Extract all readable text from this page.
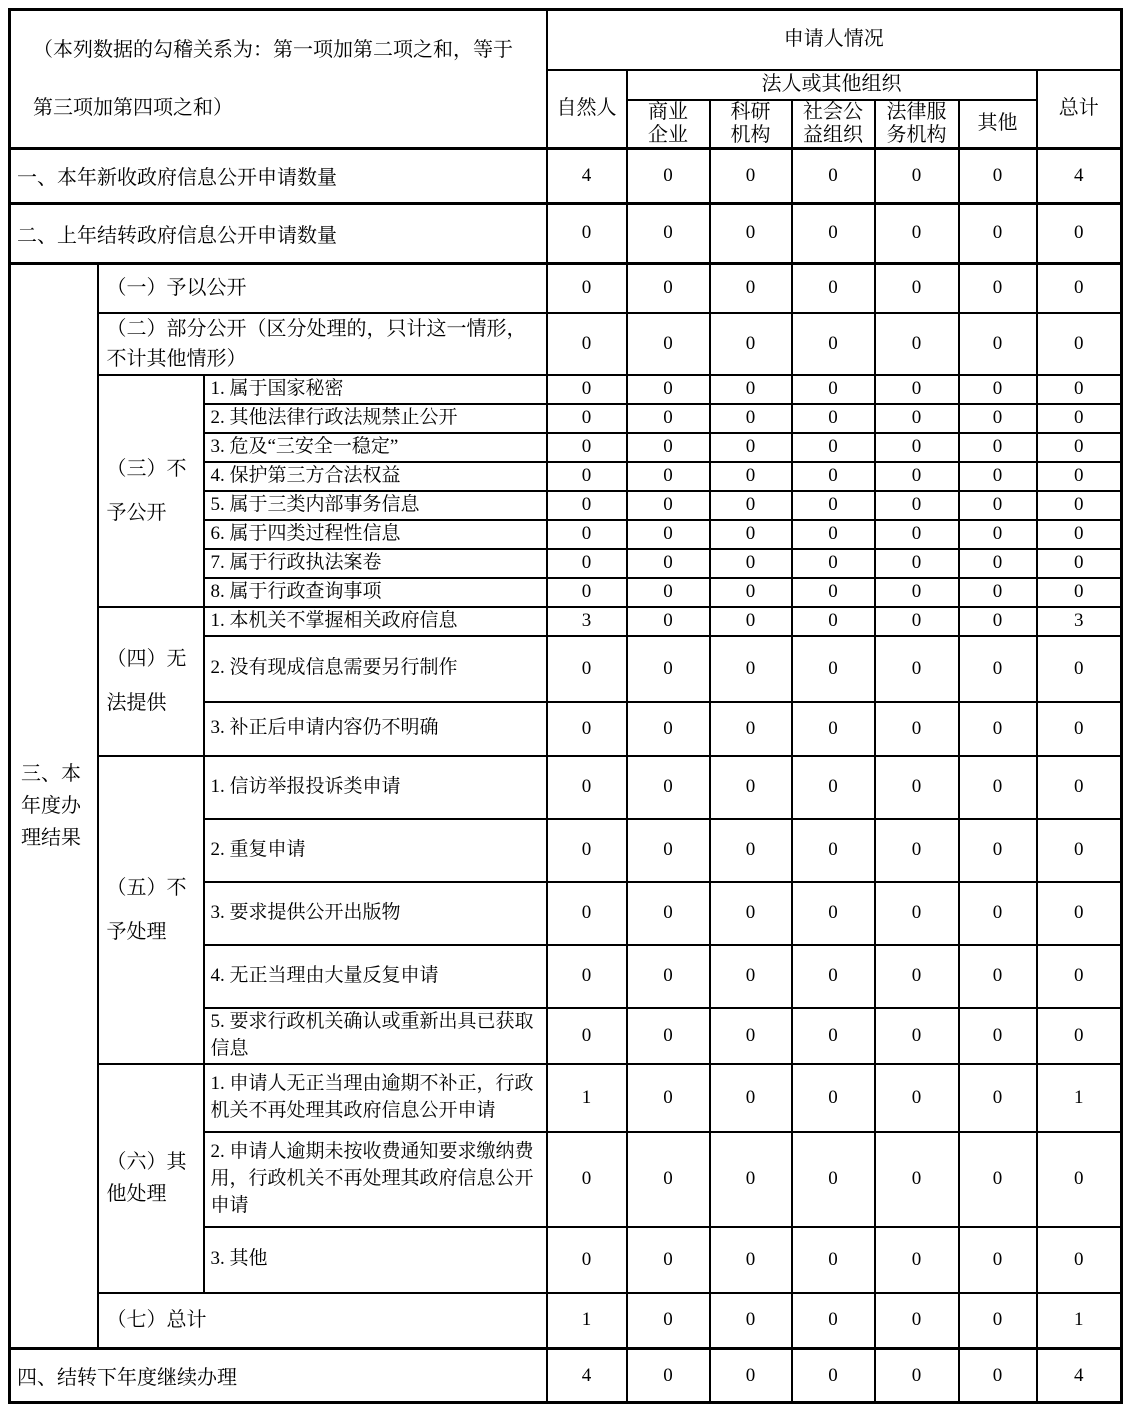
（本列数据的勾稽关系为：第一项加第二项之和，等于第三项加第四项之和）			申请人情况						
			自然人	法人或其他组织					总计
				商业企业	科研机构	社会公益组织	法律服务机构	其他	
一、本年新收政府信息公开申请数量			4	0	0	0	0	0	4
二、上年结转政府信息公开申请数量			0	0	0	0	0	0	0
三、本年度办理结果	（一）予以公开		0	0	0	0	0	0	0
	（二）部分公开（区分处理的，只计这一情形，不计其他情形）		0	0	0	0	0	0	0
	（三）不予公开	1. 属于国家秘密	0	0	0	0	0	0	0
		2. 其他法律行政法规禁止公开	0	0	0	0	0	0	0
		3. 危及“三安全一稳定”	0	0	0	0	0	0	0
		4. 保护第三方合法权益	0	0	0	0	0	0	0
		5. 属于三类内部事务信息	0	0	0	0	0	0	0
		6. 属于四类过程性信息	0	0	0	0	0	0	0
		7. 属于行政执法案卷	0	0	0	0	0	0	0
		8. 属于行政查询事项	0	0	0	0	0	0	0
	（四）无法提供	1. 本机关不掌握相关政府信息	3	0	0	0	0	0	3
		2. 没有现成信息需要另行制作	0	0	0	0	0	0	0
		3. 补正后申请内容仍不明确	0	0	0	0	0	0	0
	（五）不予处理	1. 信访举报投诉类申请	0	0	0	0	0	0	0
		2. 重复申请	0	0	0	0	0	0	0
		3. 要求提供公开出版物	0	0	0	0	0	0	0
		4. 无正当理由大量反复申请	0	0	0	0	0	0	0
		5. 要求行政机关确认或重新出具已获取信息	0	0	0	0	0	0	0
	（六）其他处理	1. 申请人无正当理由逾期不补正，行政机关不再处理其政府信息公开申请	1	0	0	0	0	0	1
		2. 申请人逾期未按收费通知要求缴纳费用，行政机关不再处理其政府信息公开申请	0	0	0	0	0	0	0
		3. 其他	0	0	0	0	0	0	0
	（七）总计		1	0	0	0	0	0	1
四、结转下年度继续办理			4	0	0	0	0	0	4
